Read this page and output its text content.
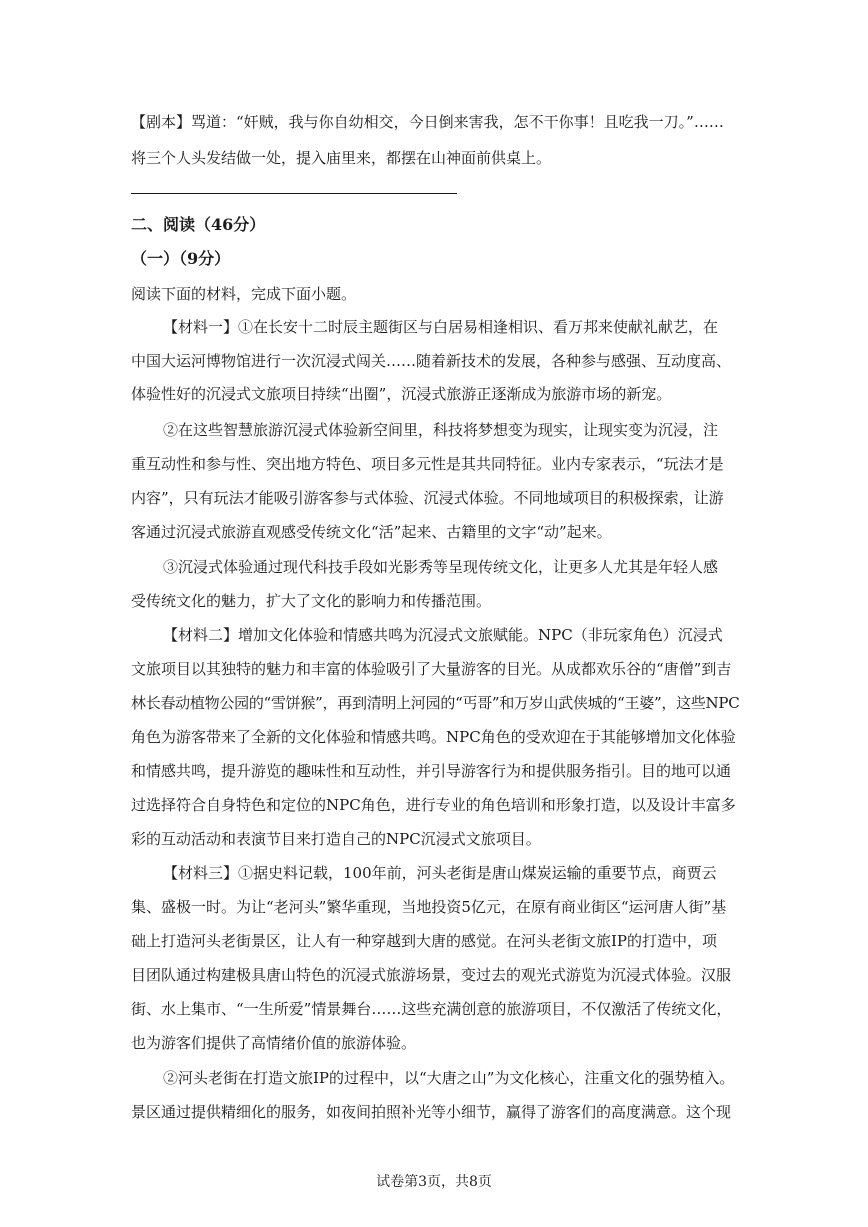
【剧本】骂道：“奸贼，我与你自幼相交，今日倒来害我，怎不干你事！且吃我一刀。”……
将三个人头发结做一处，提入庙里来，都摆在山神面前供桌上。
二、阅读（46分）
（一）（9分）
阅读下面的材料，完成下面小题。
【材料一】①在长安十二时辰主题街区与白居易相逢相识、看万邦来使献礼献艺，在
中国大运河博物馆进行一次沉浸式闯关……随着新技术的发展，各种参与感强、互动度高、
体验性好的沉浸式文旅项目持续“出圈”，沉浸式旅游正逐渐成为旅游市场的新宠。
②在这些智慧旅游沉浸式体验新空间里，科技将梦想变为现实，让现实变为沉浸，注
重互动性和参与性、突出地方特色、项目多元性是其共同特征。业内专家表示，“玩法才是
内容”，只有玩法才能吸引游客参与式体验、沉浸式体验。不同地域项目的积极探索，让游
客通过沉浸式旅游直观感受传统文化“活”起来、古籍里的文字“动”起来。
③沉浸式体验通过现代科技手段如光影秀等呈现传统文化，让更多人尤其是年轻人感
受传统文化的魅力，扩大了文化的影响力和传播范围。
【材料二】增加文化体验和情感共鸣为沉浸式文旅赋能。NPC（非玩家角色）沉浸式
文旅项目以其独特的魅力和丰富的体验吸引了大量游客的目光。从成都欢乐谷的“唐僧”到吉
林长春动植物公园的“雪饼猴”，再到清明上河园的“丐哥”和万岁山武侠城的“王婆”，这些NPC
角色为游客带来了全新的文化体验和情感共鸣。NPC角色的受欢迎在于其能够增加文化体验
和情感共鸣，提升游览的趣味性和互动性，并引导游客行为和提供服务指引。目的地可以通
过选择符合自身特色和定位的NPC角色，进行专业的角色培训和形象打造，以及设计丰富多
彩的互动活动和表演节目来打造自己的NPC沉浸式文旅项目。
【材料三】①据史料记载，100年前，河头老街是唐山煤炭运输的重要节点，商贾云
集、盛极一时。为让“老河头”繁华重现，当地投资5亿元，在原有商业街区“运河唐人街”基
础上打造河头老街景区，让人有一种穿越到大唐的感觉。在河头老街文旅IP的打造中，项
目团队通过构建极具唐山特色的沉浸式旅游场景，变过去的观光式游览为沉浸式体验。汉服
街、水上集市、“一生所爱”情景舞台……这些充满创意的旅游项目，不仅激活了传统文化，
也为游客们提供了高情绪价值的旅游体验。
②河头老街在打造文旅IP的过程中，以“大唐之山”为文化核心，注重文化的强势植入。
景区通过提供精细化的服务，如夜间拍照补光等小细节，赢得了游客们的高度满意。这个现
试卷第3页，共8页
